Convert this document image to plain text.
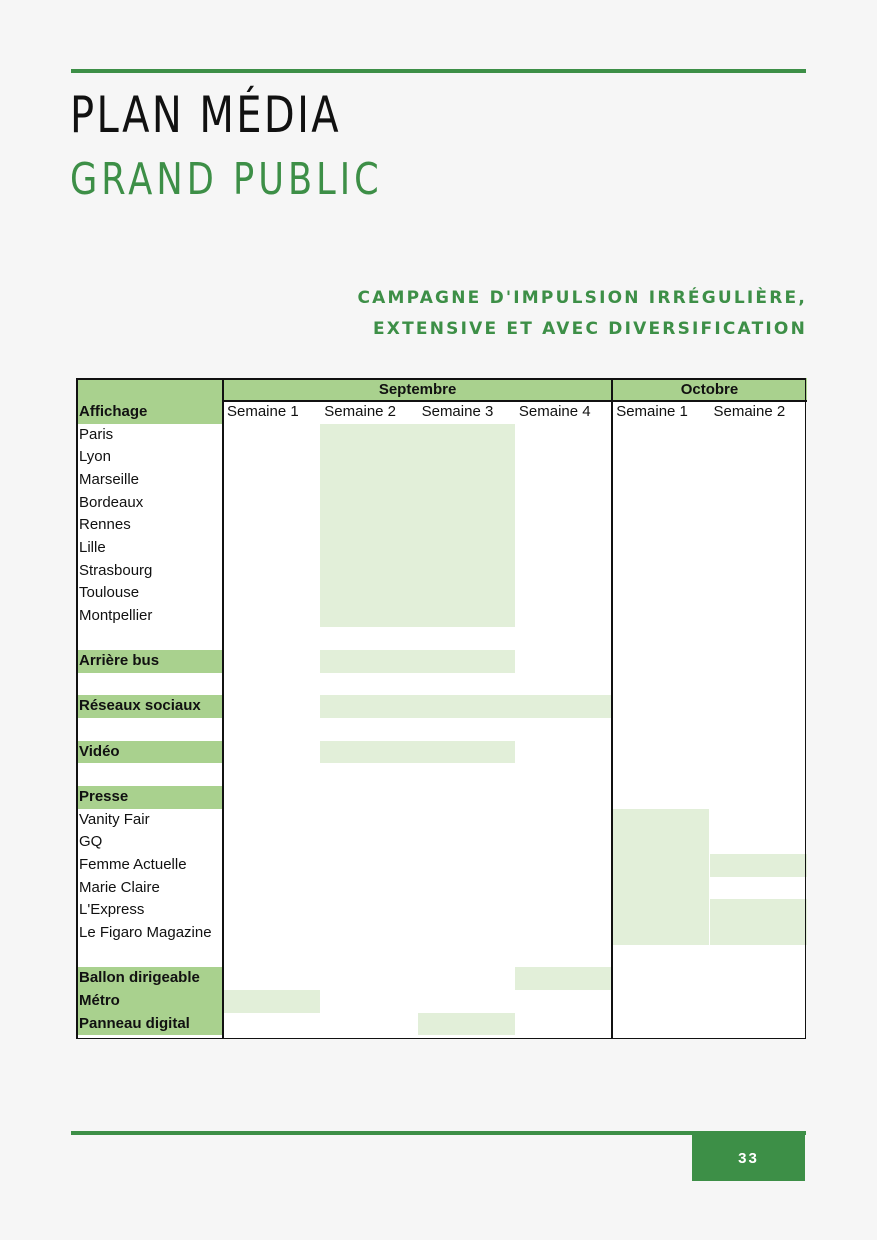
PLAN MÉDIA
GRAND PUBLIC
CAMPAGNE D'IMPULSION IRRÉGULIÈRE,
EXTENSIVE ET AVEC DIVERSIFICATION
Septembre	Octobre
Semaine 1 Semaine 2 Semaine 3 Semaine 4 Semaine 1 Semaine 2
Affichage
Paris
Lyon
Marseille
Bordeaux
Rennes
Lille
Strasbourg
Toulouse
Montpellier
Arrière bus
Réseaux sociaux
Vidéo
Presse
Vanity Fair
GQ
Femme Actuelle
Marie Claire
L'Express
Le Figaro Magazine
Ballon dirigeable
Métro
Panneau digital
33
